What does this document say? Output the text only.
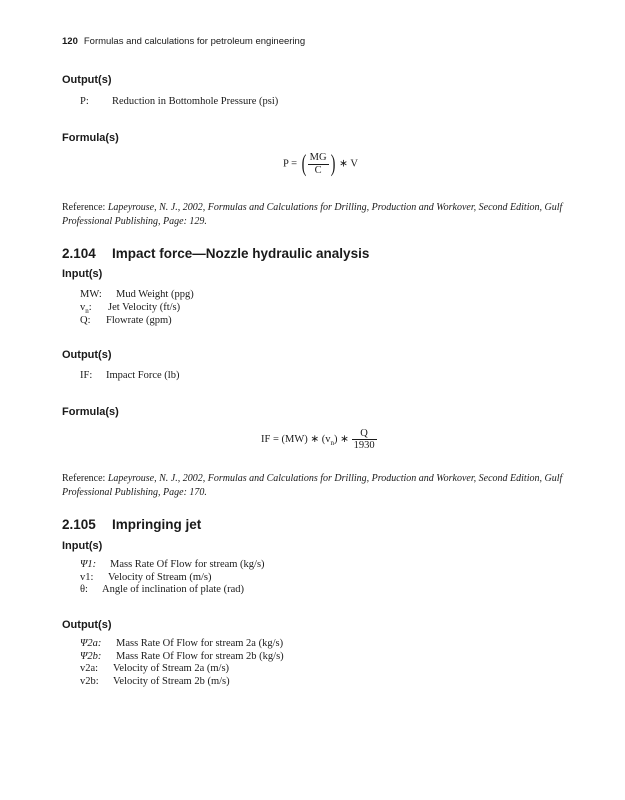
120 Formulas and calculations for petroleum engineering
Output(s)
P: Reduction in Bottomhole Pressure (psi)
Formula(s)
P = ( $\frac{MG}{C}$ ) ∗ V
Reference: Lapeyrouse, N. J., 2002, Formulas and Calculations for Drilling, Production and Workover, Second Edition, Gulf Professional Publishing, Page: 129.
2.104 Impact force—Nozzle hydraulic analysis
Input(s)
MW: Mud Weight (ppg)
$v_n$: Jet Velocity (ft/s)
Q: Flowrate (gpm)
Output(s)
IF: Impact Force (lb)
Formula(s)
IF = (MW) ∗ $(v_n)$ ∗ $\frac{Q}{1930}$
Reference: Lapeyrouse, N. J., 2002, Formulas and Calculations for Drilling, Production and Workover, Second Edition, Gulf Professional Publishing, Page: 170.
2.105 Impringing jet
Input(s)
Ψ1: Mass Rate Of Flow for stream (kg/s)
v1: Velocity of Stream (m/s)
θ: Angle of inclination of plate (rad)
Output(s)
Ψ2a: Mass Rate Of Flow for stream 2a (kg/s)
Ψ2b: Mass Rate Of Flow for stream 2b (kg/s)
v2a: Velocity of Stream 2a (m/s)
v2b: Velocity of Stream 2b (m/s)
